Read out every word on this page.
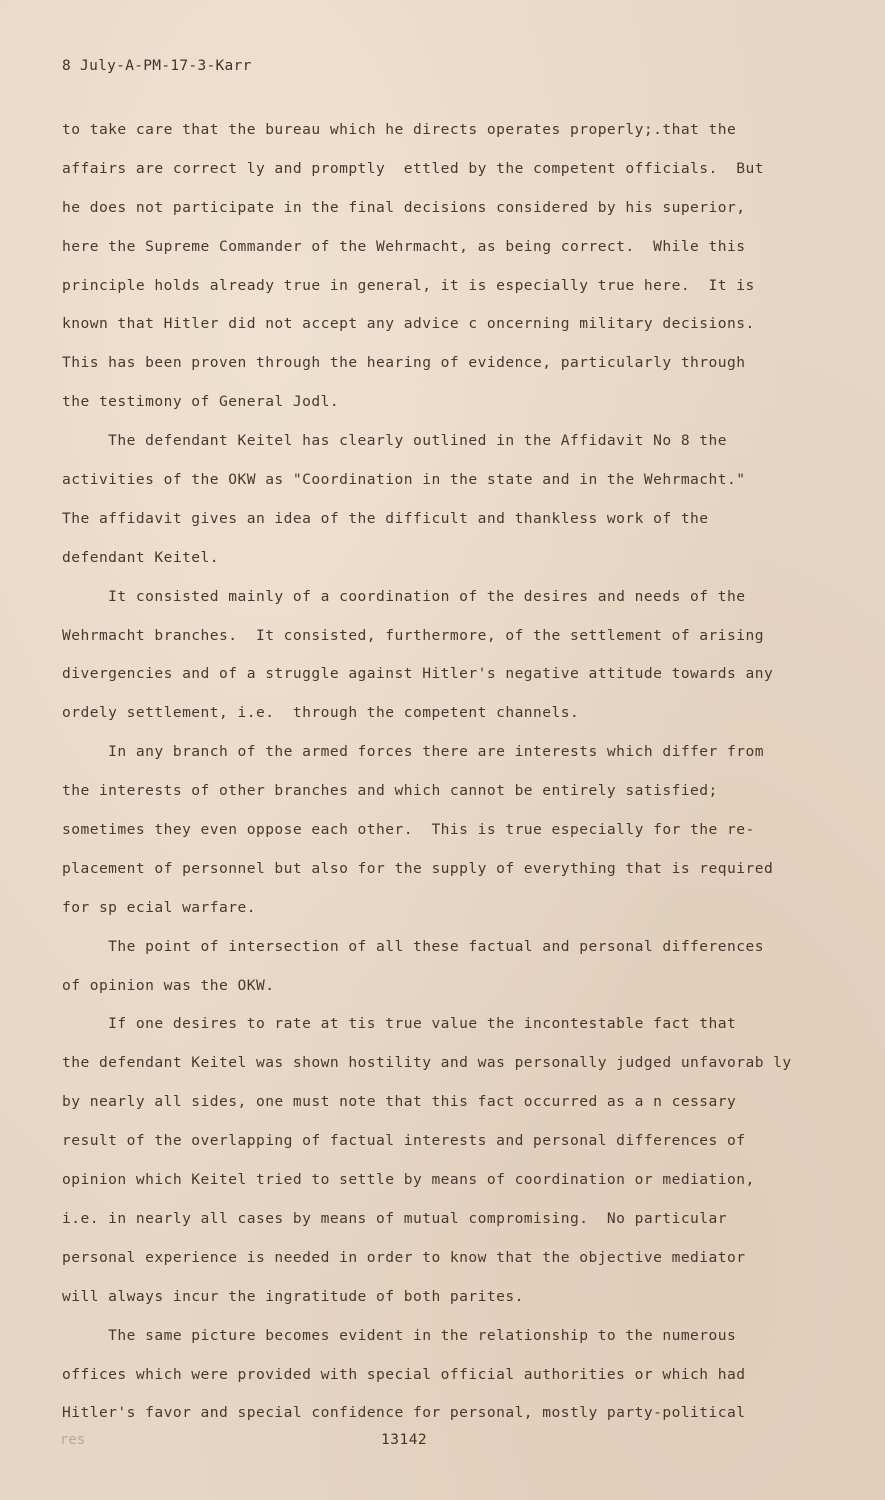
8 July-A-PM-17-3-Karr
to take care that the bureau which he directs operates properly;.that the
affairs are correct ly and promptly  ettled by the competent officials.  But
he does not participate in the final decisions considered by his superior,
here the Supreme Commander of the Wehrmacht, as being correct.  While this
principle holds already true in general, it is especially true here.  It is
known that Hitler did not accept any advice c oncerning military decisions.
This has been proven through the hearing of evidence, particularly through
the testimony of General Jodl.
The defendant Keitel has clearly outlined in the Affidavit No 8 the
activities of the OKW as "Coordination in the state and in the Wehrmacht."
The affidavit gives an idea of the difficult and thankless work of the
defendant Keitel.
It consisted mainly of a coordination of the desires and needs of the
Wehrmacht branches.  It consisted, furthermore, of the settlement of arising
divergencies and of a struggle against Hitler's negative attitude towards any
ordely settlement, i.e.  through the competent channels.
In any branch of the armed forces there are interests which differ from
the interests of other branches and which cannot be entirely satisfied;
sometimes they even oppose each other.  This is true especially for the re-
placement of personnel but also for the supply of everything that is required
for sp ecial warfare.
The point of intersection of all these factual and personal differences
of opinion was the OKW.
If one desires to rate at tis true value the incontestable fact that
the defendant Keitel was shown hostility and was personally judged unfavorab ly
by nearly all sides, one must note that this fact occurred as a n cessary
result of the overlapping of factual interests and personal differences of
opinion which Keitel tried to settle by means of coordination or mediation,
i.e. in nearly all cases by means of mutual compromising.  No particular
personal experience is needed in order to know that the objective mediator
will always incur the ingratitude of both parites.
The same picture becomes evident in the relationship to the numerous
offices which were provided with special official authorities or which had
Hitler's favor and special confidence for personal, mostly party-political
res	13142
